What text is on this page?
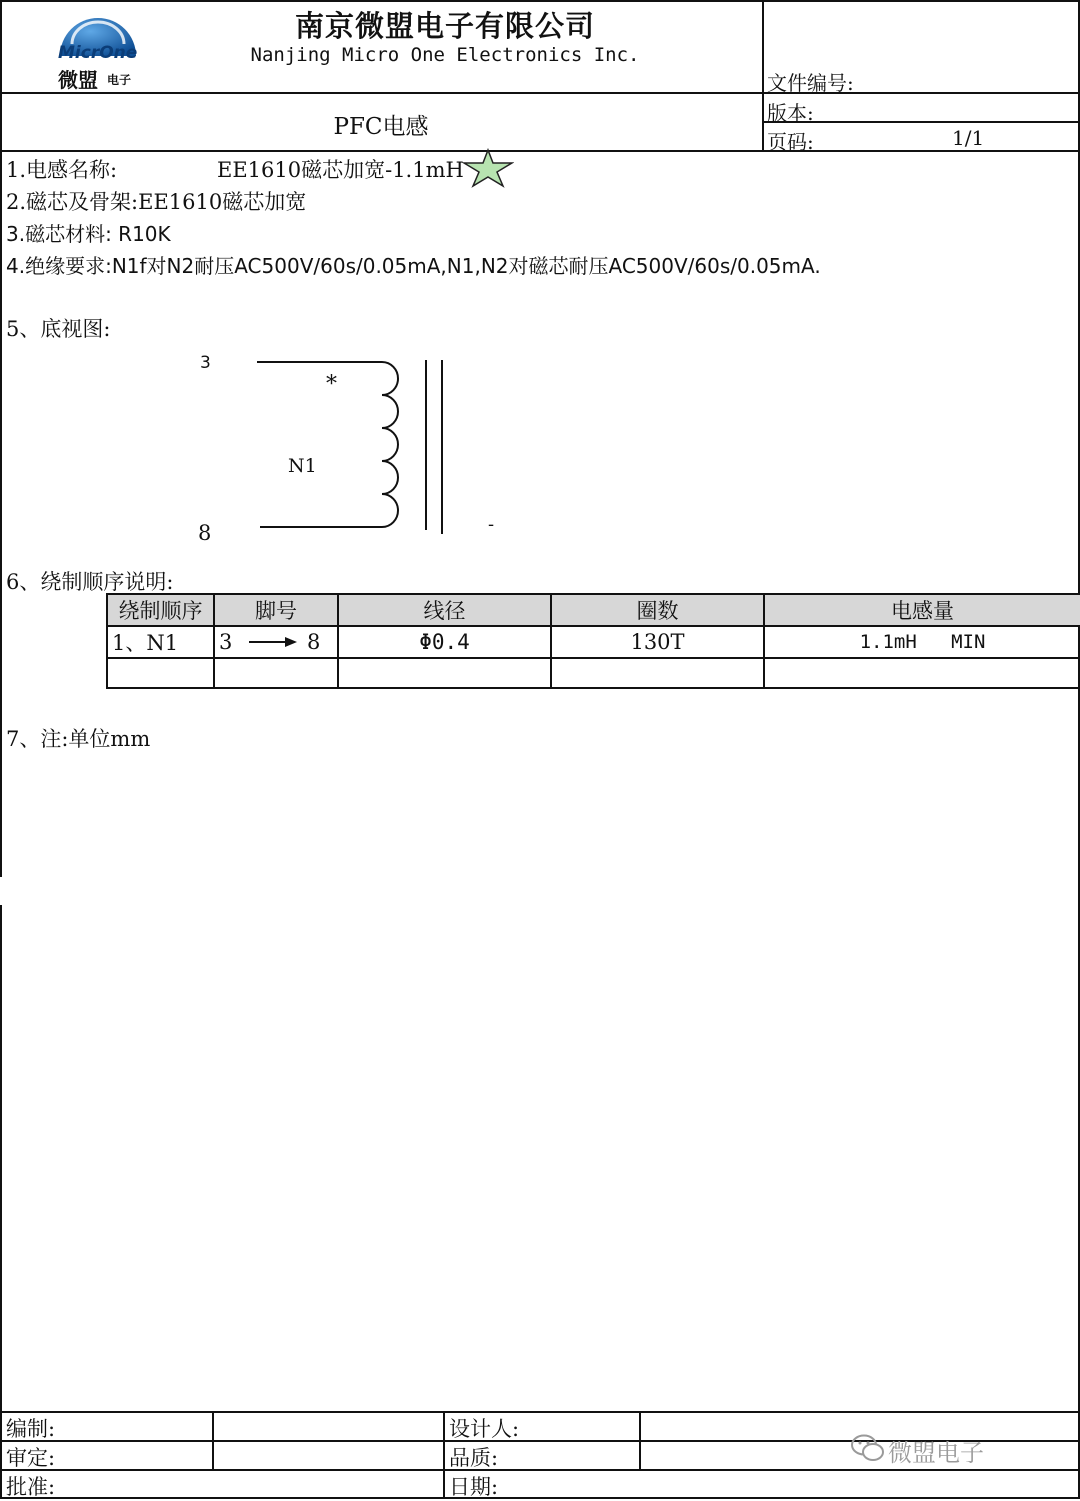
MicrOne
微盟 电子
南京微盟电子有限公司
Nanjing Micro One Electronics Inc.
文件编号:
版本:
页码:	1/1
PFC电感
1.电感名称:	EE1610磁芯加宽-1.1mH
2.磁芯及骨架:EE1610磁芯加宽
3.磁芯材料: R10K
4.绝缘要求:N1f对N2耐压AC500V/60s/0.05mA,N1,N2对磁芯耐压AC500V/60s/0.05mA.
5、底视图:
3
8
*
N1
-
6、绕制顺序说明:
绕制顺序	脚号	线径	圈数	电感量
1、N1	3 8	Φ0.4	130T	1.1mH   MIN

7、注:单位mm
编制:	设计人:
审定:	品质:
批准:	日期:
微盟电子
